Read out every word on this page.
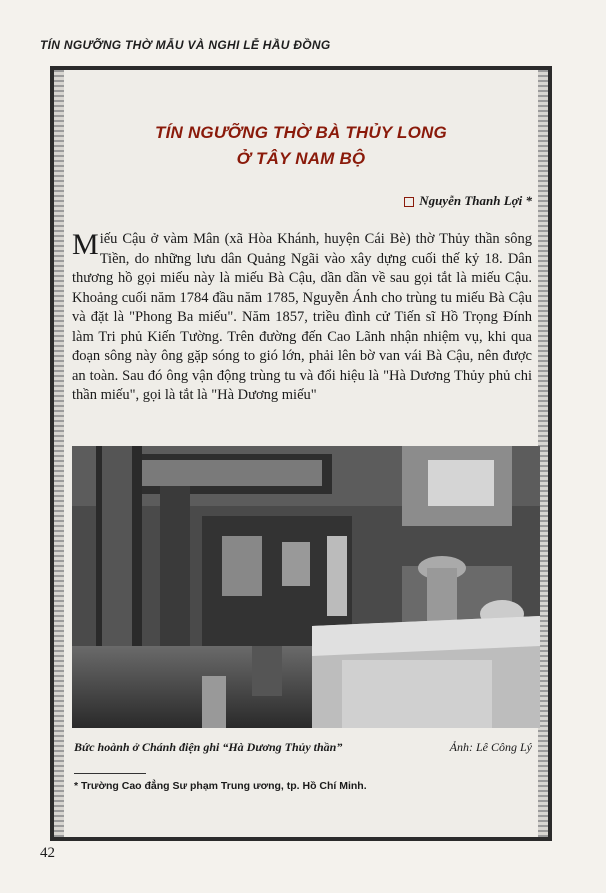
TÍN NGƯỠNG THỜ MẪU VÀ NGHI LỄ HẦU ĐỒNG
TÍN NGƯỠNG THỜ BÀ THỦY LONG
Ở TÂY NAM BỘ
Nguyễn Thanh Lợi *
Miếu Cậu ở vàm Mân (xã Hòa Khánh, huyện Cái Bè) thờ Thủy thần sông Tiền, do những lưu dân Quảng Ngãi vào xây dựng cuối thế kỷ 18. Dân thương hồ gọi miếu này là miếu Bà Cậu, dần dần về sau gọi tắt là miếu Cậu. Khoảng cuối năm 1784 đầu năm 1785, Nguyễn Ánh cho trùng tu miếu Bà Cậu và đặt là "Phong Ba miếu". Năm 1857, triều đình cử Tiến sĩ Hồ Trọng Đính làm Tri phủ Kiến Tường. Trên đường đến Cao Lãnh nhận nhiệm vụ, khi qua đoạn sông này ông gặp sóng to gió lớn, phải lên bờ van vái Bà Cậu, nên được an toàn. Sau đó ông vận động trùng tu và đổi hiệu là "Hà Dương Thủy phủ chi thần miếu", gọi là tắt là "Hà Dương miếu"
Bức hoành ở Chánh điện ghi “Hà Dương Thủy thần”	Ảnh: Lê Công Lý
* Trường Cao đẳng Sư phạm Trung ương, tp. Hồ Chí Minh.
42
